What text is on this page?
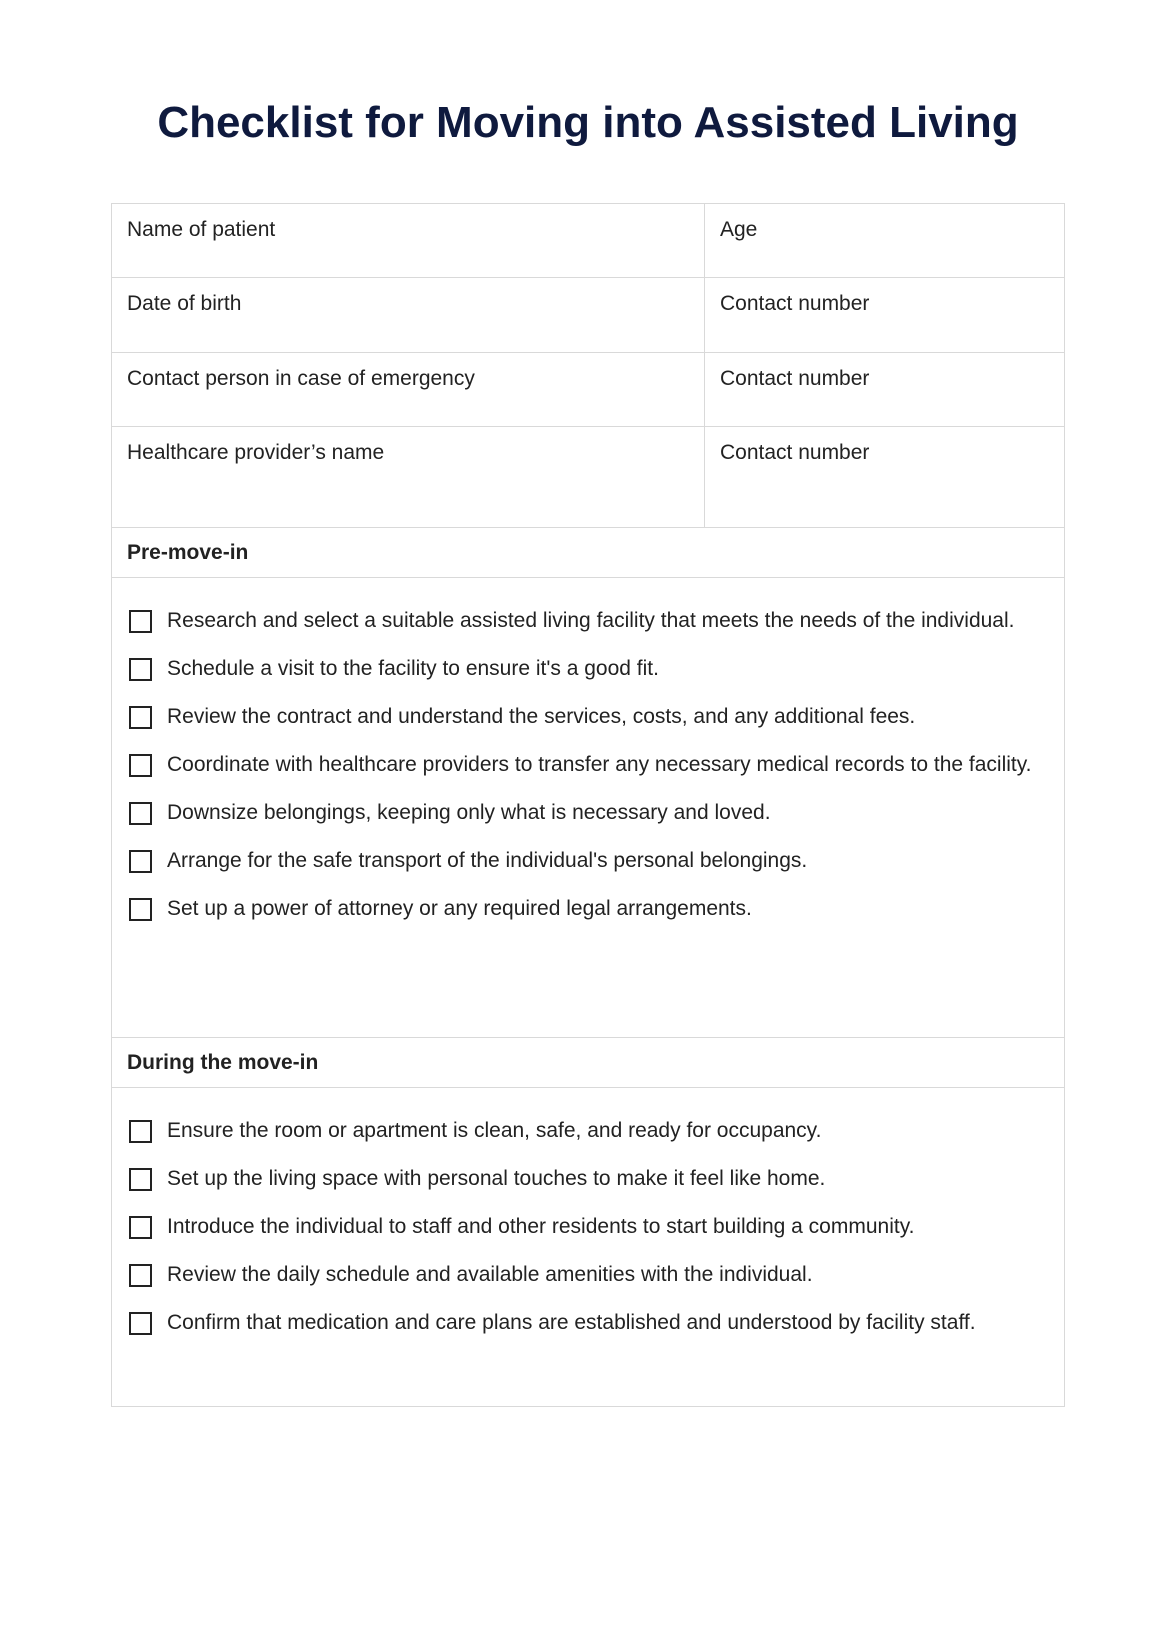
Checklist for Moving into Assisted Living
Name of patient	Age
Date of birth	Contact number
Contact person in case of emergency	Contact number
Healthcare provider’s name	Contact number
Pre-move-in
Research and select a suitable assisted living facility that meets the needs of the individual.
Schedule a visit to the facility to ensure it's a good fit.
Review the contract and understand the services, costs, and any additional fees.
Coordinate with healthcare providers to transfer any necessary medical records to the facility.
Downsize belongings, keeping only what is necessary and loved.
Arrange for the safe transport of the individual's personal belongings.
Set up a power of attorney or any required legal arrangements.
During the move-in
Ensure the room or apartment is clean, safe, and ready for occupancy.
Set up the living space with personal touches to make it feel like home.
Introduce the individual to staff and other residents to start building a community.
Review the daily schedule and available amenities with the individual.
Confirm that medication and care plans are established and understood by facility staff.
